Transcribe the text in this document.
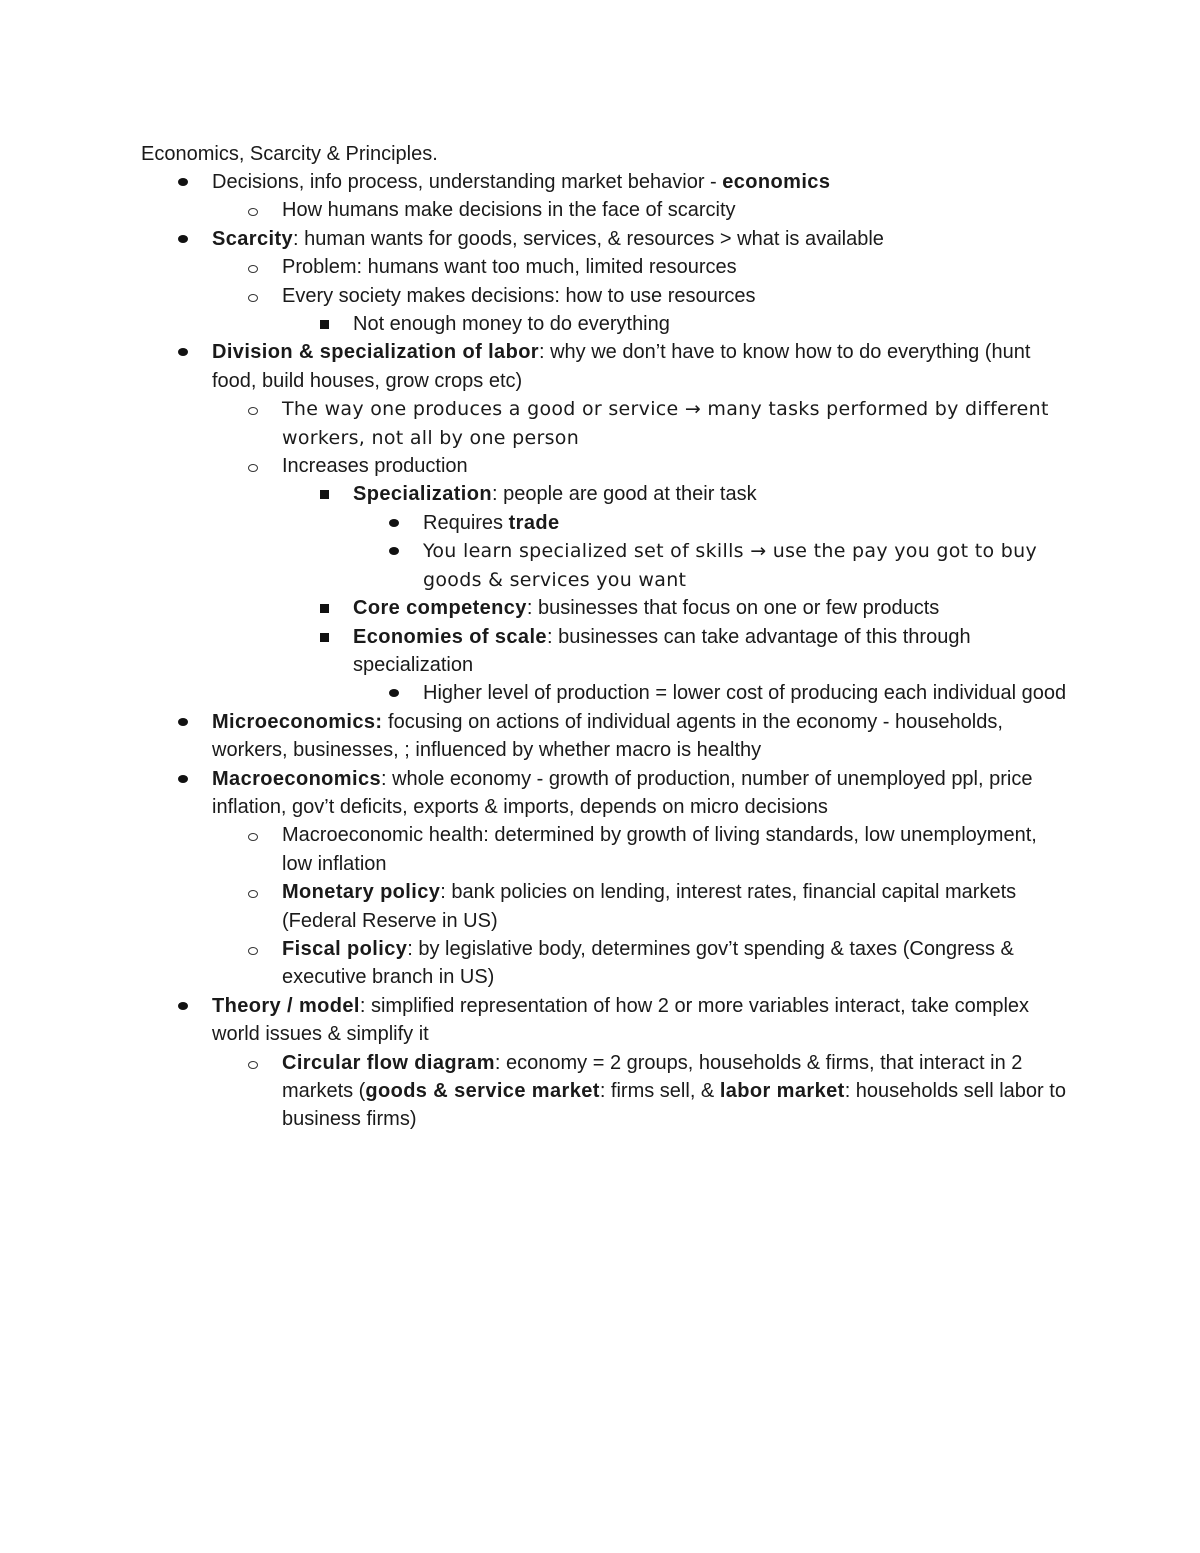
Economics, Scarcity & Principles.
Decisions, info process, understanding market behavior - economics
How humans make decisions in the face of scarcity
Scarcity: human wants for goods, services, & resources > what is available
Problem: humans want too much, limited resources
Every society makes decisions: how to use resources
Not enough money to do everything
Division & specialization of labor: why we don’t have to know how to do everything (hunt food, build houses, grow crops etc)
The way one produces a good or service → many tasks performed by different workers, not all by one person
Increases production
Specialization: people are good at their task
Requires trade
You learn specialized set of skills → use the pay you got to buy goods & services you want
Core competency: businesses that focus on one or few products
Economies of scale: businesses can take advantage of this through specialization
Higher level of production = lower cost of producing each individual good
Microeconomics: focusing on actions of individual agents in the economy - households, workers, businesses, ; influenced by whether macro is healthy
Macroeconomics: whole economy - growth of production, number of unemployed ppl, price inflation, gov’t deficits, exports & imports, depends on micro decisions
Macroeconomic health: determined by growth of living standards, low unemployment, low inflation
Monetary policy: bank policies on lending, interest rates, financial capital markets (Federal Reserve in US)
Fiscal policy: by legislative body, determines gov’t spending & taxes (Congress & executive branch in US)
Theory / model: simplified representation of how 2 or more variables interact, take complex world issues & simplify it
Circular flow diagram: economy = 2 groups, households & firms, that interact in 2 markets (goods & service market: firms sell, & labor market: households sell labor to business firms)
